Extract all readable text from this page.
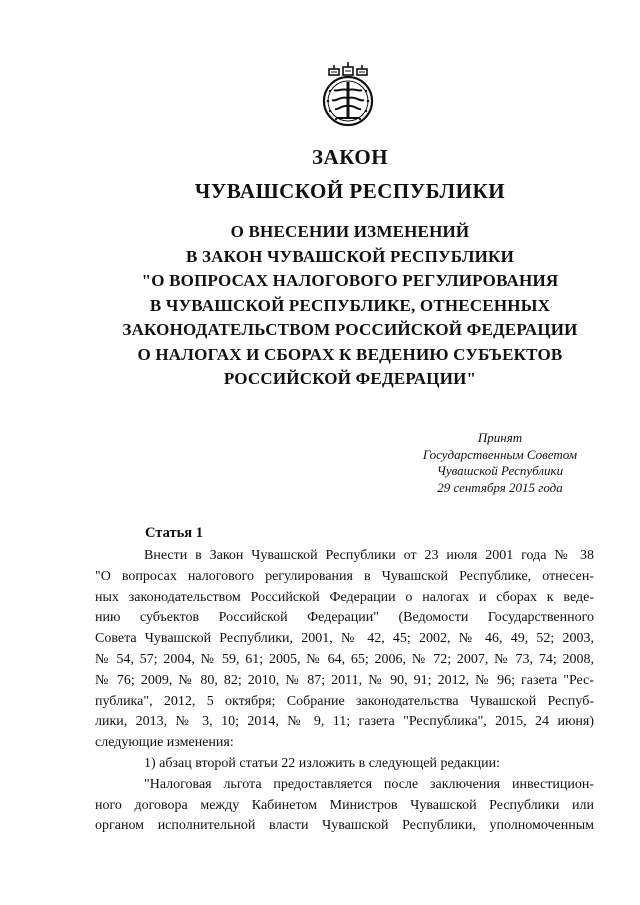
ЗАКОН
ЧУВАШСКОЙ РЕСПУБЛИКИ
О ВНЕСЕНИИ ИЗМЕНЕНИЙ
В ЗАКОН ЧУВАШСКОЙ РЕСПУБЛИКИ
"О ВОПРОСАХ НАЛОГОВОГО РЕГУЛИРОВАНИЯ
В ЧУВАШСКОЙ РЕСПУБЛИКЕ, ОТНЕСЕННЫХ
ЗАКОНОДАТЕЛЬСТВОМ РОССИЙСКОЙ ФЕДЕРАЦИИ
О НАЛОГАХ И СБОРАХ К ВЕДЕНИЮ СУБЪЕКТОВ
РОССИЙСКОЙ ФЕДЕРАЦИИ"
Принят
Государственным Советом
Чувашской Республики
29 сентября 2015 года
Статья 1
Внести в Закон Чувашской Республики от 23 июля 2001 года № 38
"О вопросах налогового регулирования в Чувашской Республике, отнесен-
ных законодательством Российской Федерации о налогах и сборах к веде-
нию субъектов Российской Федерации" (Ведомости Государственного
Совета Чувашской Республики, 2001, № 42, 45; 2002, № 46, 49, 52; 2003,
№ 54, 57; 2004, № 59, 61; 2005, № 64, 65; 2006, № 72; 2007, № 73, 74; 2008,
№ 76; 2009, № 80, 82; 2010, № 87; 2011, № 90, 91; 2012, № 96; газета "Рес-
публика", 2012, 5 октября; Собрание законодательства Чувашской Респуб-
лики, 2013, № 3, 10; 2014, № 9, 11; газета "Республика", 2015, 24 июня)
следующие изменения:
1) абзац второй статьи 22 изложить в следующей редакции:
"Налоговая льгота предоставляется после заключения инвестицион-
ного договора между Кабинетом Министров Чувашской Республики или
органом исполнительной власти Чувашской Республики, уполномоченным
